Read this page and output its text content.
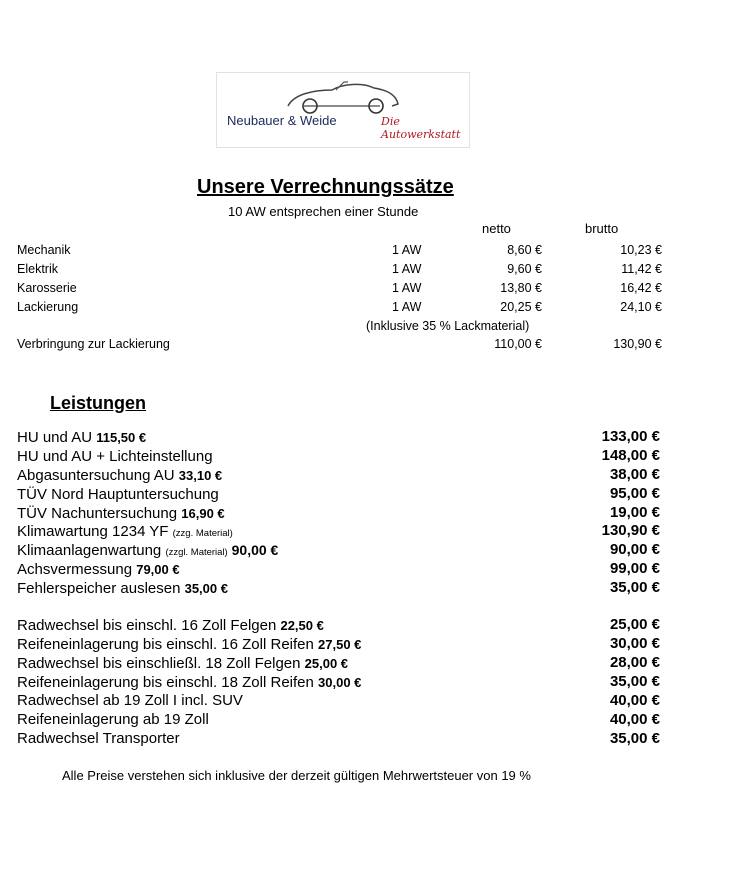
Neubauer & Weide	Die Autowerkstatt
Unsere Verrechnungssätze
10 AW entsprechen einer Stunde
netto	brutto
Mechanik	1 AW	8,60 €	10,23 €
Elektrik	1 AW	9,60 €	11,42 €
Karosserie	1 AW	13,80 €	16,42 €
Lackierung	1 AW	20,25 €	24,10 €
(Inklusive 35 % Lackmaterial)
Verbringung zur Lackierung	110,00 €	130,90 €
Leistungen
HU und AU 115,50 €	133,00 €
HU und AU + Lichteinstellung	148,00 €
Abgasuntersuchung AU 33,10 €	38,00 €
TÜV Nord Hauptuntersuchung	95,00 €
TÜV Nachuntersuchung 16,90 €	19,00 €
Klimawartung 1234 YF (zzg. Material)	130,90 €
Klimaanlagenwartung (zzgl. Material) 90,00 €	90,00 €
Achsvermessung 79,00 €	99,00 €
Fehlerspeicher auslesen 35,00 €	35,00 €
Radwechsel bis einschl. 16 Zoll Felgen 22,50 €	25,00 €
Reifeneinlagerung bis einschl. 16 Zoll Reifen 27,50 €	30,00 €
Radwechsel bis einschließl. 18 Zoll Felgen 25,00 €	28,00 €
Reifeneinlagerung bis einschl. 18 Zoll Reifen 30,00 €	35,00 €
Radwechsel ab 19 Zoll I incl. SUV	40,00 €
Reifeneinlagerung ab 19 Zoll	40,00 €
Radwechsel Transporter	35,00 €
Alle Preise verstehen sich inklusive der derzeit gültigen Mehrwertsteuer von 19 %
